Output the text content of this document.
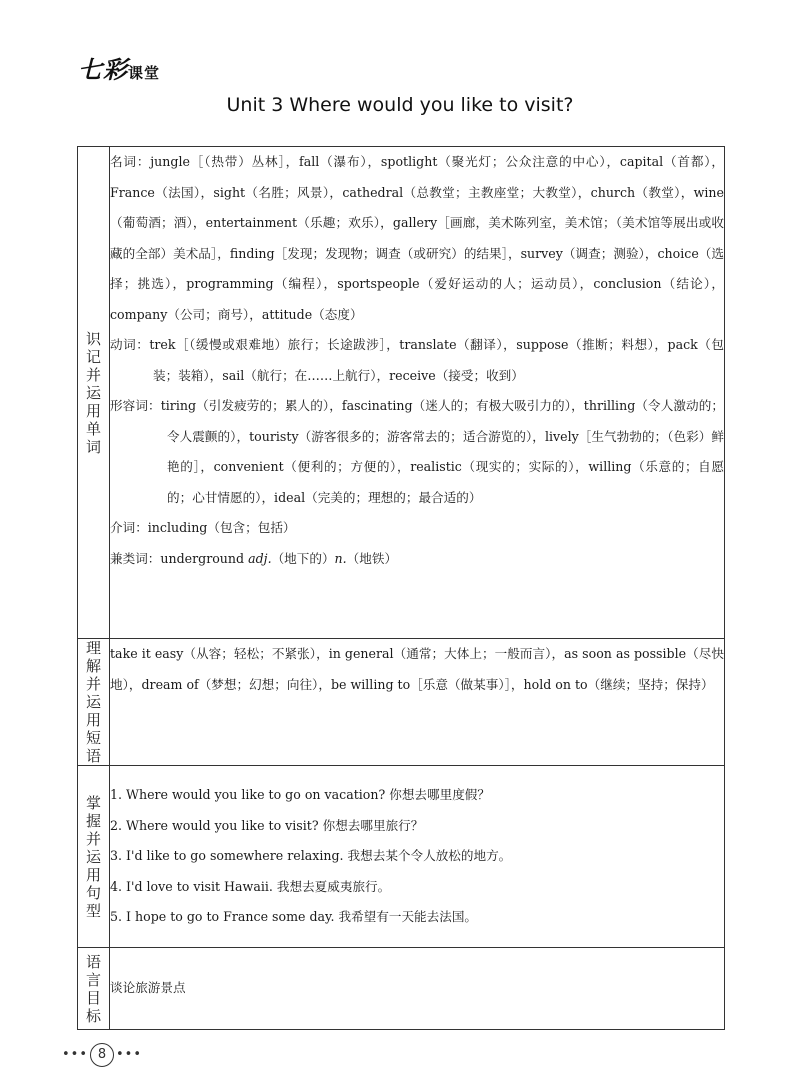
七彩课堂
Unit 3 Where would you like to visit?
识记并运用单词	名词：jungle［（热带）丛林］，fall（瀑布），spotlight（聚光灯；公众注意的中心），capital（首都），France（法国），sight（名胜；风景），cathedral（总教堂；主教座堂；大教堂），church（教堂），wine（葡萄酒；酒），entertainment（乐趣；欢乐），gallery［画廊，美术陈列室，美术馆；（美术馆等展出或收藏的全部）美术品］，finding［发现；发现物；调查（或研究）的结果］，survey（调查；测验），choice（选择；挑选），programming（编程），sportspeople（爱好运动的人；运动员），conclusion（结论），company（公司；商号），attitude（态度）
动词：trek［（缓慢或艰难地）旅行；长途跋涉］，translate（翻译），suppose（推断；料想），pack（包装；装箱），sail（航行；在……上航行），receive（接受；收到）
形容词：tiring（引发疲劳的；累人的），fascinating（迷人的；有极大吸引力的），thrilling（令人激动的；令人震颤的），touristy（游客很多的；游客常去的；适合游览的），lively［生气勃勃的；（色彩）鲜艳的］，convenient（便利的；方便的），realistic（现实的；实际的），willing（乐意的；自愿的；心甘情愿的），ideal（完美的；理想的；最合适的）
介词：including（包含；包括）
兼类词：underground adj.（地下的）n.（地铁）

理解并运用短语	take it easy（从容；轻松；不紧张），in general（通常；大体上；一般而言），as soon as possible（尽快地），dream of（梦想；幻想；向往），be willing to［乐意（做某事）］，hold on to（继续；坚持；保持）

掌握并运用句型	1. Where would you like to go on vacation? 你想去哪里度假？
2. Where would you like to visit? 你想去哪里旅行？
3. I'd like to go somewhere relaxing. 我想去某个令人放松的地方。
4. I'd love to visit Hawaii. 我想去夏威夷旅行。
5. I hope to go to France some day. 我希望有一天能去法国。

语言目标	谈论旅游景点
••• 8 •••
